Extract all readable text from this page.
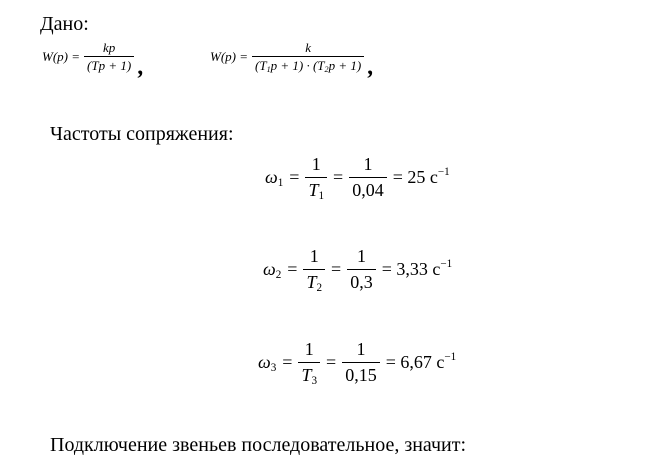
Дано:
$W(p) = \frac{kp}{(Tp + 1)}$ ,	$W(p) = \frac{k}{(T_1p + 1) \cdot (T_2p + 1)}$ ,
Частоты сопряжения:
$\omega_1 = \frac{1}{T_1} = \frac{1}{0,04} = 25$ $с^{-1}$
$\omega_2 = \frac{1}{T_2} = \frac{1}{0,3} = 3,33$ $с^{-1}$
$\omega_3 = \frac{1}{T_3} = \frac{1}{0,15} = 6,67$ $с^{-1}$
Подключение звеньев последовательное, значит:
